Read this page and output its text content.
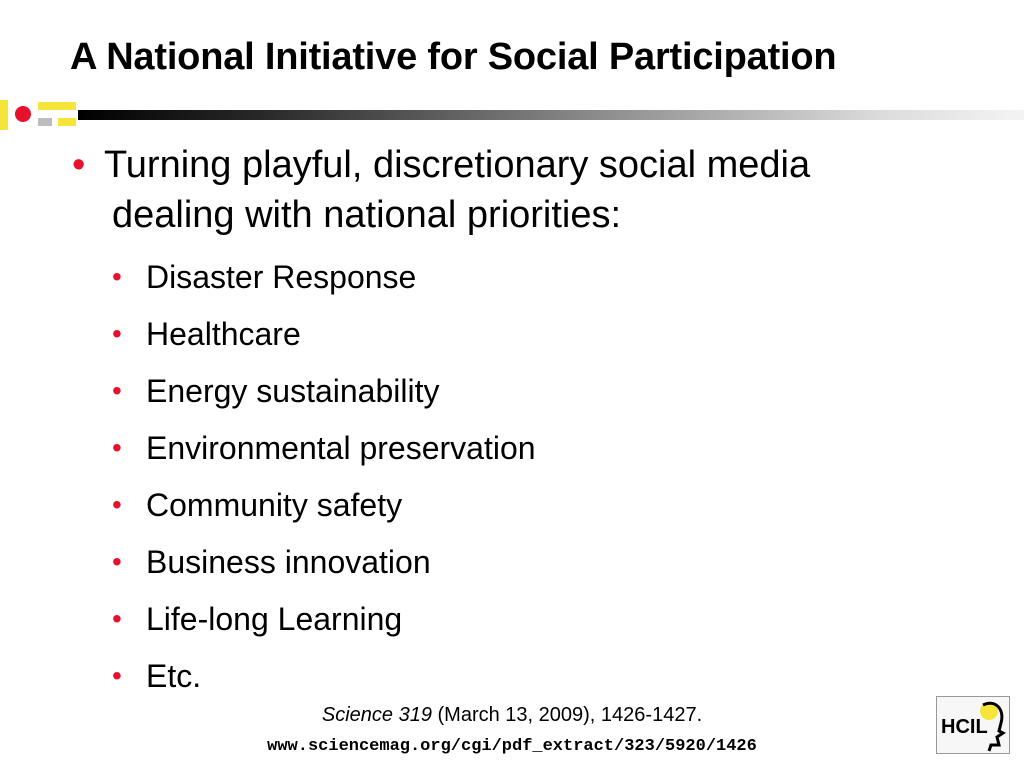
A National Initiative for Social Participation
• Turning playful, discretionary social media
dealing with national priorities:
• Disaster Response
• Healthcare
• Energy sustainability
• Environmental preservation
• Community safety
• Business innovation
• Life-long Learning
• Etc.
Science 319 (March 13, 2009), 1426-1427.
www.sciencemag.org/cgi/pdf_extract/323/5920/1426
HCIL
